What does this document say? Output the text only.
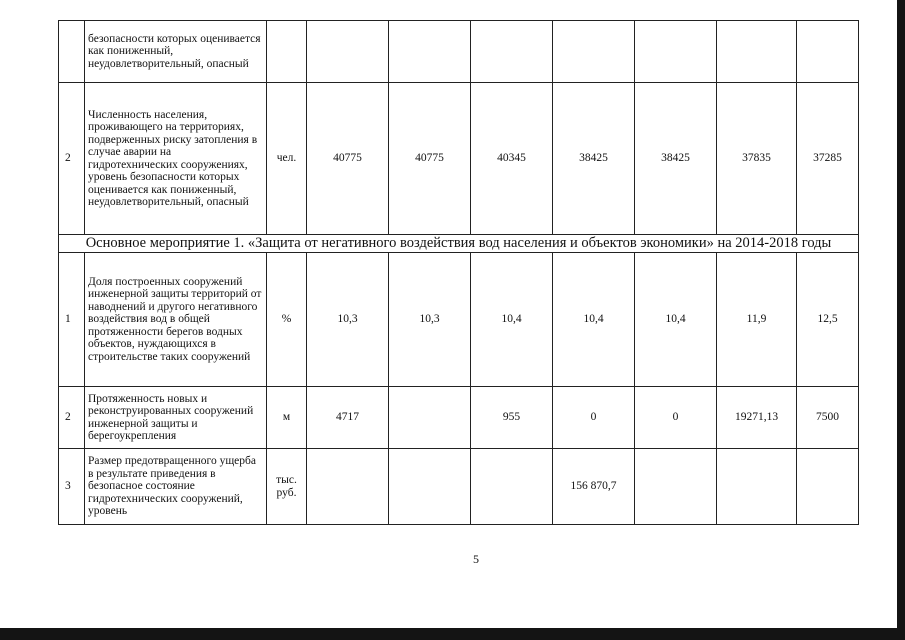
	безопасности которых оценивается как пониженный, неудовлетворительный, опасный								
2	Численность населения, проживающего на территориях, подверженных риску затопления в случае аварии на гидротехнических сооружениях, уровень безопасности которых оценивается как пониженный, неудовлетворительный, опасный	чел.	40775	40775	40345	38425	38425	37835	37285
Основное мероприятие 1. «Защита от негативного воздействия вод населения и объектов экономики» на 2014-2018 годы									
1	Доля построенных сооружений инженерной защиты территорий от наводнений и другого негативного воздействия вод в общей протяженности берегов водных объектов, нуждающихся в строительстве таких сооружений	%	10,3	10,3	10,4	10,4	10,4	11,9	12,5
2	Протяженность новых и реконструированных сооружений инженерной защиты и берегоукрепления	м	4717		955	0	0	19271,13	7500
3	Размер предотвращенного ущерба в результате приведения в безопасное состояние гидротехнических сооружений, уровень	тыс. руб.				156 870,7			
5
